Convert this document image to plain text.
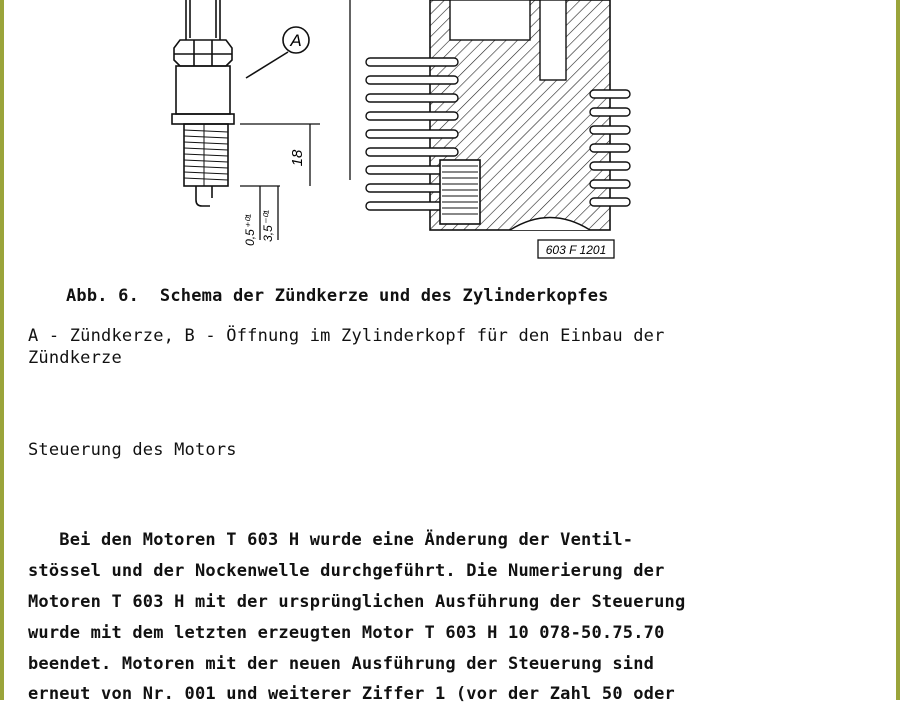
A
18
0,5⁺⁰¹ 3,5⁻⁰¹
603 F 1201
Abb. 6.  Schema der Zündkerze und des Zylinderkopfes
A - Zündkerze, B - Öffnung im Zylinderkopf für den Einbau der
Zündkerze
Steuerung des Motors
Bei den Motoren T 603 H wurde eine Änderung der Ventil-
stössel und der Nockenwelle durchgeführt. Die Numerierung der
Motoren T 603 H mit der ursprünglichen Ausführung der Steuerung
wurde mit dem letzten erzeugten Motor T 603 H 10 078-50.75.70
beendet. Motoren mit der neuen Ausführung der Steuerung sind
erneut von Nr. 001 und weiterer Ziffer 1 (vor der Zahl 50 oder
